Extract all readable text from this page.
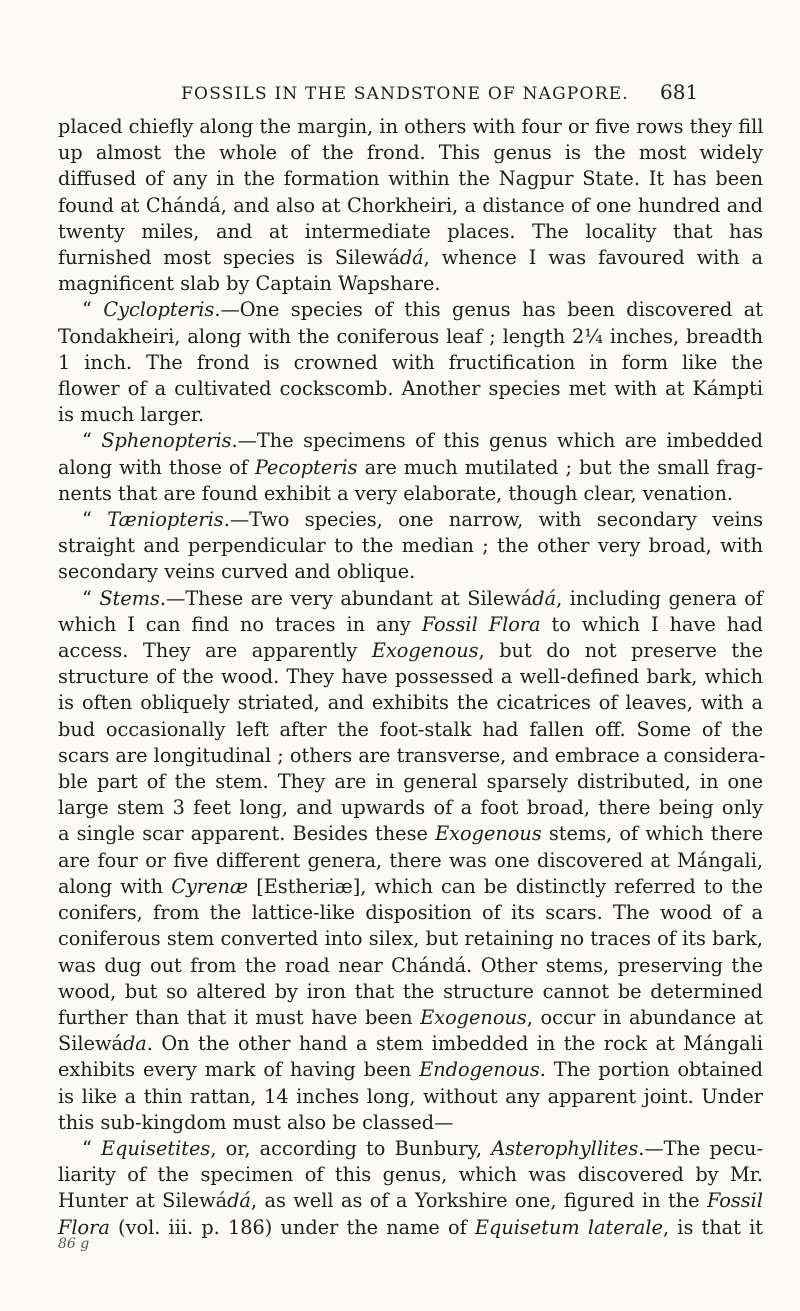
FOSSILS IN THE SANDSTONE OF NAGPORE.	681
placed chiefly along the margin, in others with four or five rows they fill
up almost the whole of the frond. This genus is the most widely
diffused of any in the formation within the Nagpur State. It has been
found at Chándá, and also at Chorkheiri, a distance of one hundred and
twenty miles, and at intermediate places. The locality that has
furnished most species is Silewádá, whence I was favoured with a
magnificent slab by Captain Wapshare.
“ Cyclopteris.—One species of this genus has been discovered at
Tondakheiri, along with the coniferous leaf ; length 2¼ inches, breadth
1 inch. The frond is crowned with fructification in form like the
flower of a cultivated cockscomb. Another species met with at Kámpti
is much larger.
“ Sphenopteris.—The specimens of this genus which are imbedded
along with those of Pecopteris are much mutilated ; but the small frag-
nents that are found exhibit a very elaborate, though clear, venation.
“ Tæniopteris.—Two species, one narrow, with secondary veins
straight and perpendicular to the median ; the other very broad, with
secondary veins curved and oblique.
“ Stems.—These are very abundant at Silewádá, including genera of
which I can find no traces in any Fossil Flora to which I have had
access. They are apparently Exogenous, but do not preserve the
structure of the wood. They have possessed a well-defined bark, which
is often obliquely striated, and exhibits the cicatrices of leaves, with a
bud occasionally left after the foot-stalk had fallen off. Some of the
scars are longitudinal ; others are transverse, and embrace a considera-
ble part of the stem. They are in general sparsely distributed, in one
large stem 3 feet long, and upwards of a foot broad, there being only
a single scar apparent. Besides these Exogenous stems, of which there
are four or five different genera, there was one discovered at Mángali,
along with Cyrenæ [Estheriæ], which can be distinctly referred to the
conifers, from the lattice-like disposition of its scars. The wood of a
coniferous stem converted into silex, but retaining no traces of its bark,
was dug out from the road near Chándá. Other stems, preserving the
wood, but so altered by iron that the structure cannot be determined
further than that it must have been Exogenous, occur in abundance at
Silewáda. On the other hand a stem imbedded in the rock at Mángali
exhibits every mark of having been Endogenous. The portion obtained
is like a thin rattan, 14 inches long, without any apparent joint. Under
this sub-kingdom must also be classed—
“ Equisetites, or, according to Bunbury, Asterophyllites.—The pecu-
liarity of the specimen of this genus, which was discovered by Mr.
Hunter at Silewádá, as well as of a Yorkshire one, figured in the Fossil
Flora (vol. iii. p. 186) under the name of Equisetum laterale, is that it
86 g
